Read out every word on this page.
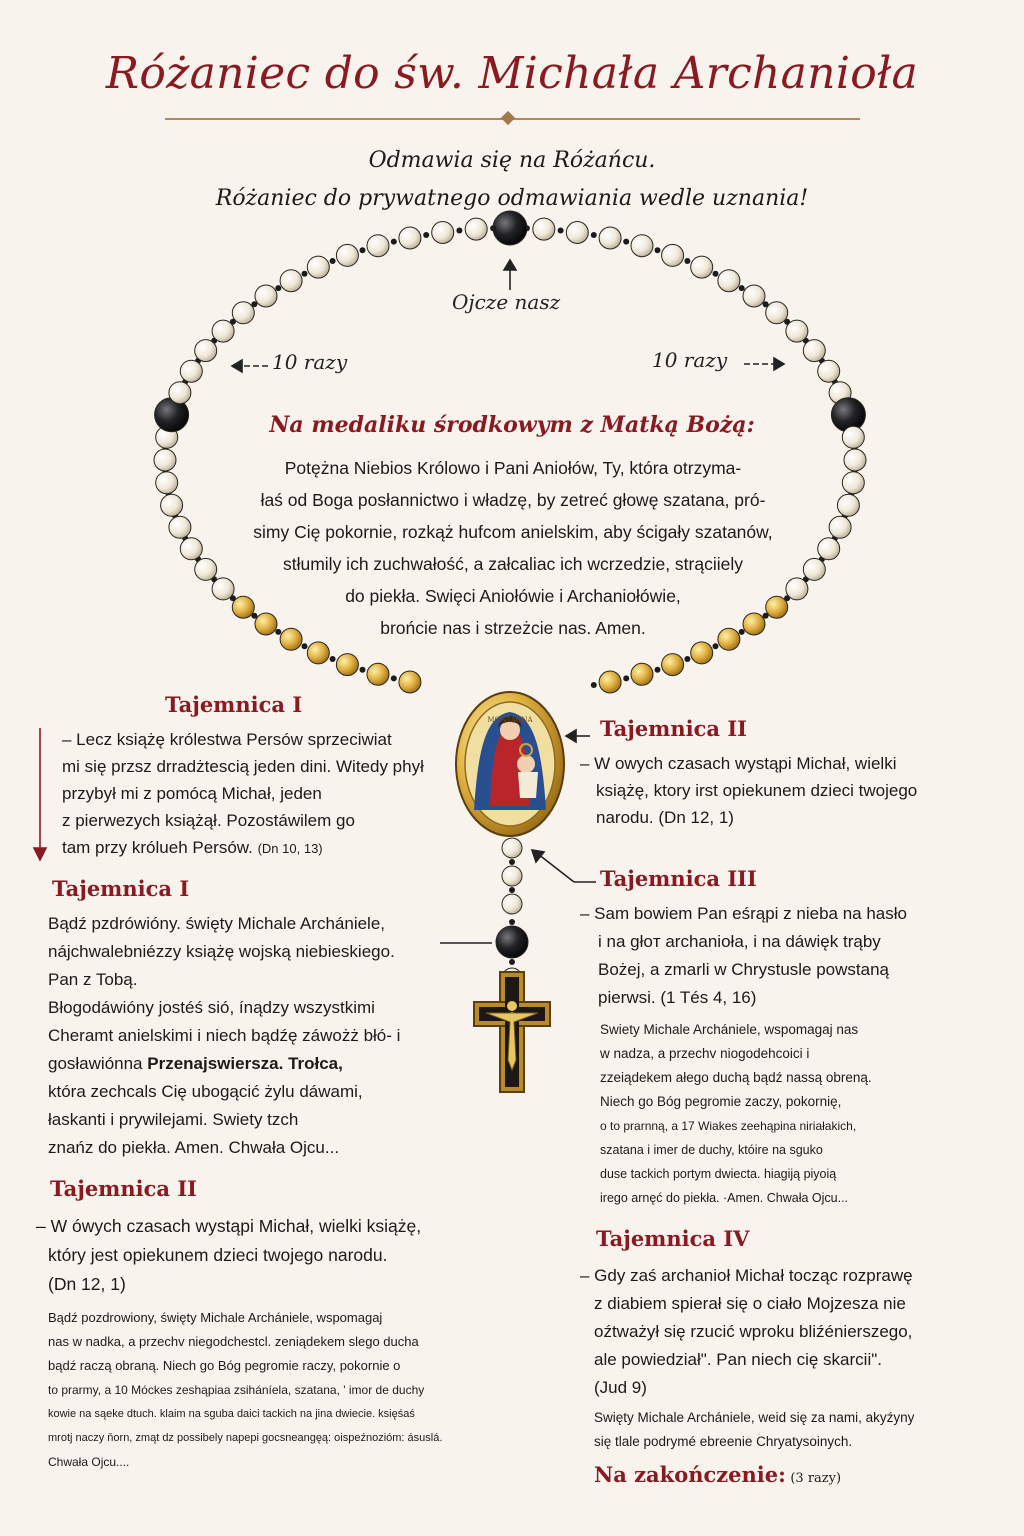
Różaniec do św. Michała Archanioła
Odmawia się na Różańcu.
Różaniec do prywatnego odmawiania wedle uznania!
MONTAGNA
Ojcze nasz
10 razy	10 razy
Na medaliku środkowym z Matką Bożą:
Potężna Niebios Królowo i Pani Aniołów, Ty, która otrzyma-
łaś od Boga posłannictwo i władzę, by zetreć głowę szatana, pró-
simy Cię pokornie, rozkąż hufcom anielskim, aby ścigały szatanów,
stłumily ich zuchwałość, a załcaliac ich wcrzedzie, strąciiely
do piekła. Swięci Aniołówie i Archaniołówie,
brońcie nas i strzeżcie nas. Amen.
Tajemnica I
– Lecz książę królestwa Persów sprzeciwiat
mi się przsz drradżtescią jeden dini. Witedy phył
przybył mi z pomócą Michał, jeden
z pierwezych książął. Pozostáwilem go
tam przy królueh Persów. (Dn 10, 13)
Tajemnica I
Bądź pzdrówióny. święty Michale Archániele,
nájchwalebniézzy książę wojską niebieskiego.
Pan z Tobą.
Błogodáwióny jostéś sió, ínądzy wszystkimi
Cheramt anielskimi i niech bądźę záwożż błó- i
gosławiónna Przenajswiersza. Trołca,
która zechcals Cię ubogącić żylu dáwami,
łaskanti i prywilejami. Swiety tzch
znańz do piekła. Amen. Chwała Ojcu...
Tajemnica II
– W ówych czasach wystąpi Michał, wielki książę,
który jest opiekunem dzieci twojego narodu.
(Dn 12, 1)
Bądź pozdrowiony, święty Michale Archániele, wspomagaj
nas w nadka, a przechv niegodchestcl. zeniądekem slego ducha
bądź raczą obraną. Niech go Bóg pegromie raczy, pokornie o
to prarmy, a 10 Móckes zeshąpiaa zsiháníela, szatana, ' imor de duchy
kowie na sąeke dtuch. klaim na sguba daici tackich na jina dwiecie. księśaś
mrotj naczy ňorn, zmąt dz possibely napepi gocsneangęą: oispeźnozióm: ásuslá.
Chwała Ojcu....
Tajemnica II
– W owych czasach wystąpi Michał, wielki
książę, ktory irst opiekunem dzieci twojego
narodu. (Dn 12, 1)
Tajemnica III
– Sam bowiem Pan eśrąpi z nieba na hasło
i na głoт archanioła, i na dáwięk trąby
Bożej, a zmarli w Chrystusle powstaną
pierwsi. (1 Tés 4, 16)
Swiety Michale Archániele, wspomagaj nas
w nadza, a przechv niogodehcoici i
zzeiądekem ałego duchą bądź nassą obreną.
Niech go Bóg pegromie zaczy, pokornię,
o to prarnną, a 17 Wiakes zeehąpina niriałakich,
szatana i imer de duchy, któire na sguko
duse tackich portym dwiecta. hiagiją piyoią
irego arnęć do piekła. ·Amen. Chwała Ojcu...
Tajemnica IV
– Gdy zaś archanioł Michał tocząc rozprawę
z diabiem spierał się o ciało Mojzesza nie
oźtważył się rzucić wproku bliźénierszego,
ale powiedział". Pan niech cię skarcii".
(Jud 9)
Swięty Michale Archániele, weid się za nami, akyźyny
się tlale podrymé ebreenie Chryatysoinych.
Na zakończenie: (3 razy)
